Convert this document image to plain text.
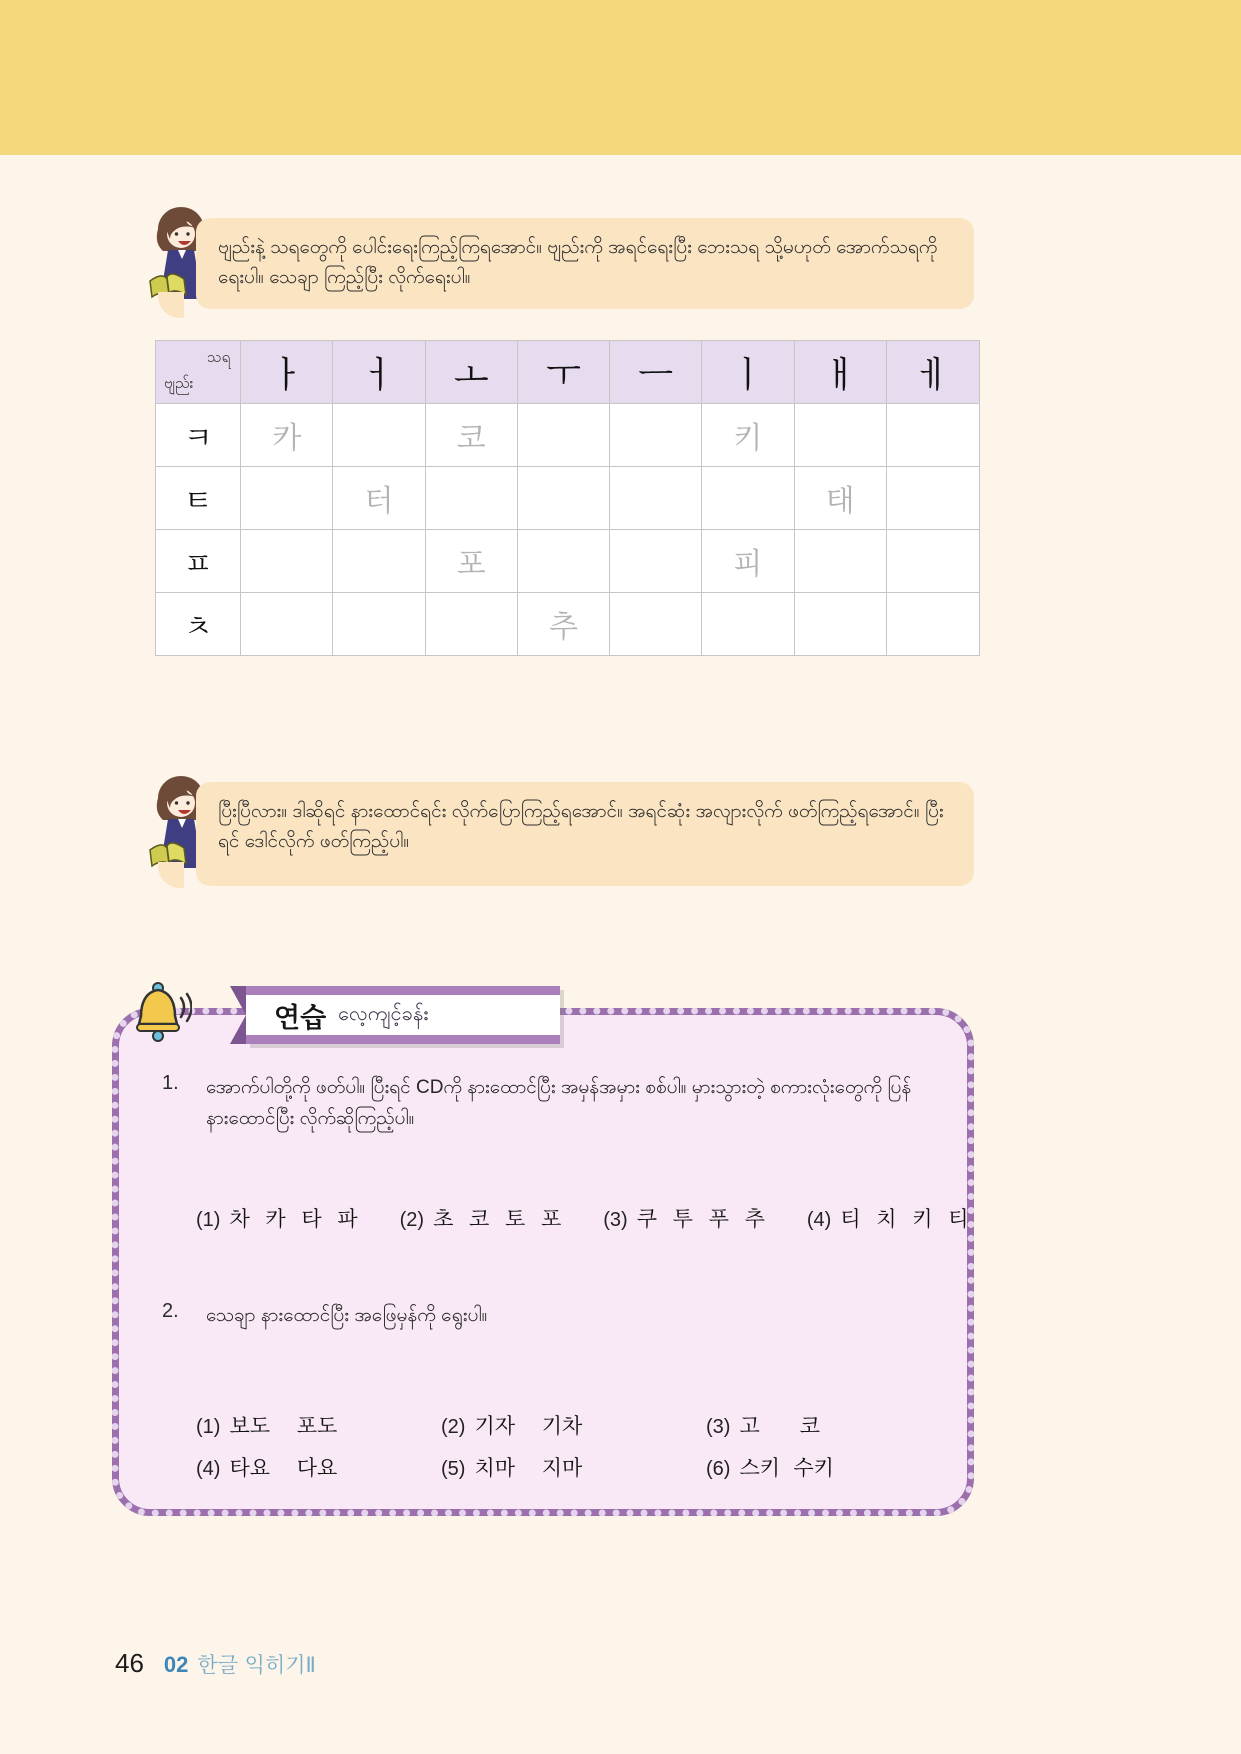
ဗျည်းနဲ့ သရတွေကို ပေါင်းရေးကြည့်ကြရအောင်။ ဗျည်းကို အရင်ရေးပြီး ဘေးသရ သို့မဟုတ် အောက်သရကို ရေးပါ။ သေချာ ကြည့်ပြီး လိုက်ရေးပါ။
သရ
ဗျည်း	ㅏ	ㅓ	ㅗ	ㅜ	ㅡ	ㅣ	ㅐ	ㅔ
ㅋ	카		코			키		
ㅌ		터					태	
ㅍ			포			피		
ㅊ				추				
ပြီးပြီလား။ ဒါဆိုရင် နားထောင်ရင်း လိုက်ပြောကြည့်ရအောင်။ အရင်ဆုံး အလျားလိုက် ဖတ်ကြည့်ရအောင်။ ပြီးရင် ဒေါင်လိုက် ဖတ်ကြည့်ပါ။
연습 လေ့ကျင့်ခန်း
1.	အောက်ပါတို့ကို ဖတ်ပါ။ ပြီးရင် CDကို နားထောင်ပြီး အမှန်အမှား စစ်ပါ။ မှားသွားတဲ့ စကားလုံးတွေကို ပြန်နားထောင်ပြီး လိုက်ဆိုကြည့်ပါ။
(1) 차 카 타 파 (2) 초 코 토 포 (3) 쿠 투 푸 추 (4) 티 치 키 티
2.	သေချာ နားထောင်ပြီး အဖြေမှန်ကို ရွေးပါ။
(1) 보도    포도	(2) 기자    기차	(3) 고      코
(4) 타요    다요	(5) 치마    지마	(6) 스키  수키
46 02 한글 익히기Ⅱ
